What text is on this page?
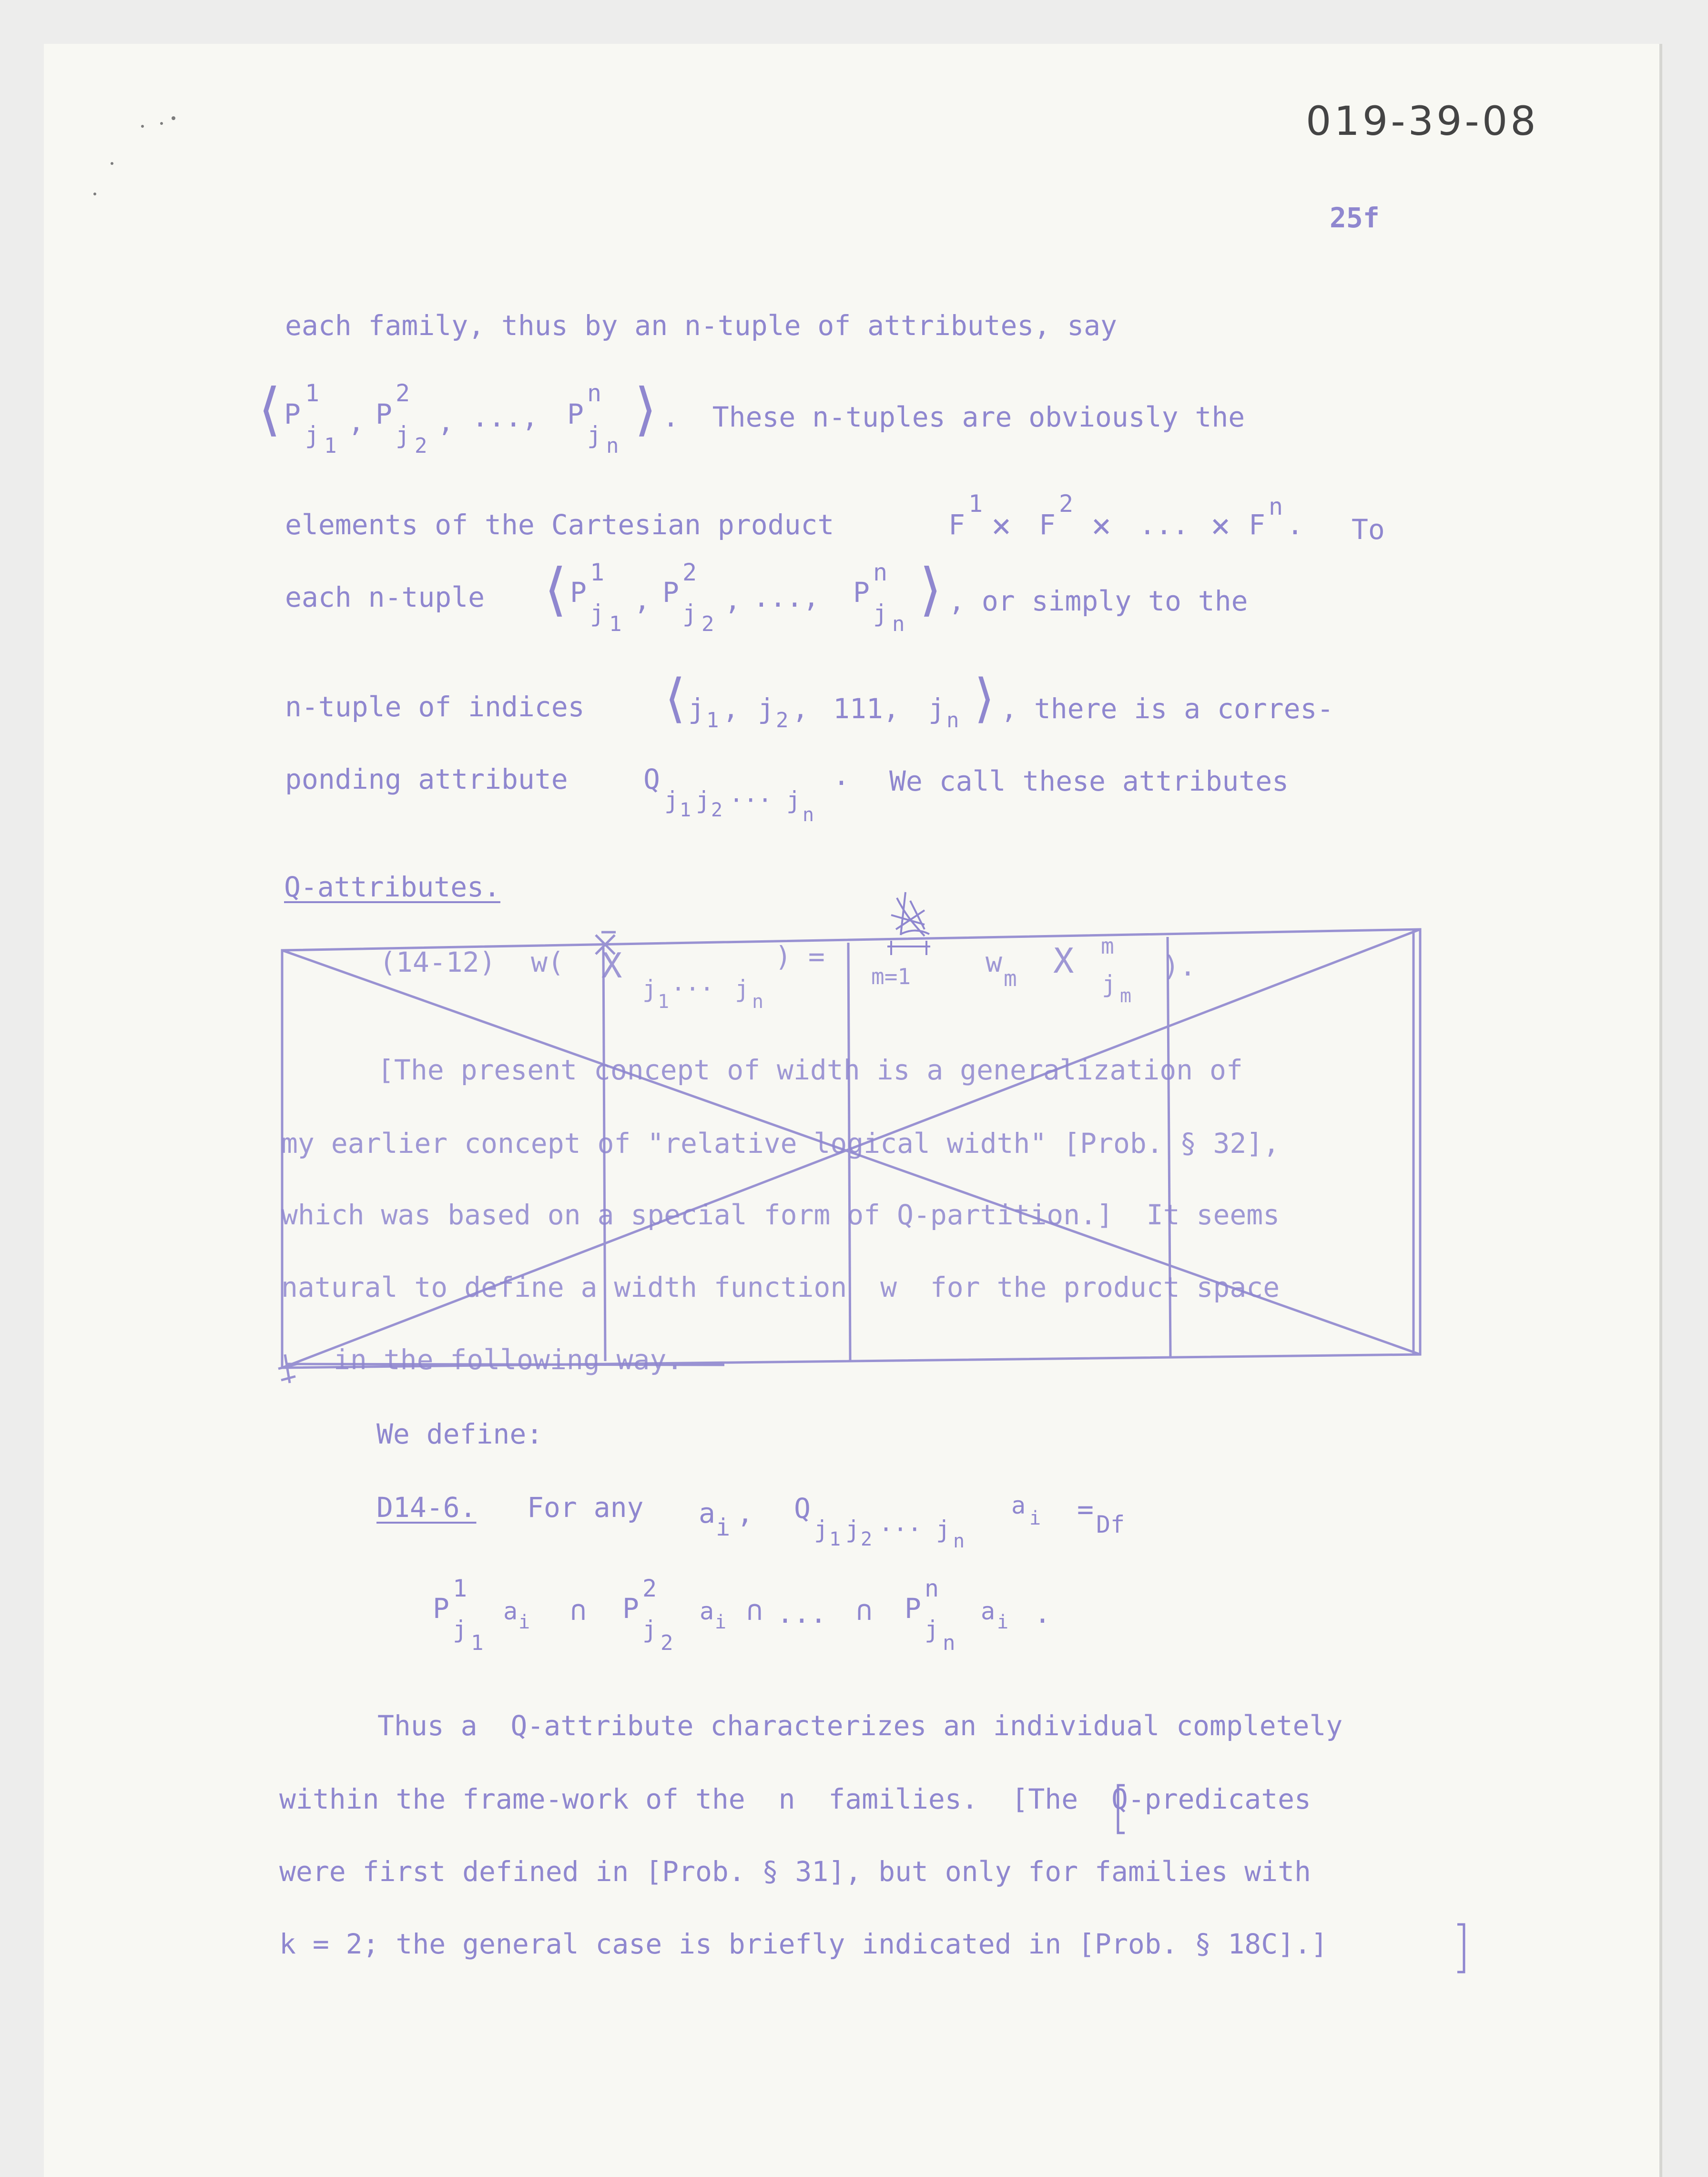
019-39-08
25f
each family, thus by an n-tuple of attributes, say
⟨
P
1
j 1
, P
2
j 2
, ..., P
n
j n
⟩ .  These n-tuples are obviously the
elements of the Cartesian product	F
1
× F
2
× ... × F
n
. To
each n-tuple ⟨
P
1
j 1
, P
2
j 2
, ..., P
n
j n
⟩ , or simply to the
n-tuple of indices ⟨
j 1 , j 2 , 111, j n ⟩ , there is a corres-
ponding attribute	Q
j 1 j 2 ··· j
n
. We call these attributes
Q-attributes.
(14-12) w( X
j 1 ··· j n
) =
m=1	w m X m
j m
).
[The present concept of width is a generalization of
my earlier concept of "relative logical width" [Prob. § 32],
which was based on a special form of Q-partition.]  It seems
natural to define a width function  w  for the product space
in the following way.
We define:
D14-6. For any a i , Q
j 1 j 2 ··· j n
a i = Df
P
1
j 1
a i ∩ P
2
j 2
a i ∩ ... ∩ P
n
j n
a i .
Thus a  Q-attribute characterizes an individual completely
within the frame-work of the  n  families.  [The  Q-predicates
were first defined in [Prob. § 31], but only for families with
k = 2; the general case is briefly indicated in [Prob. § 18C].]
